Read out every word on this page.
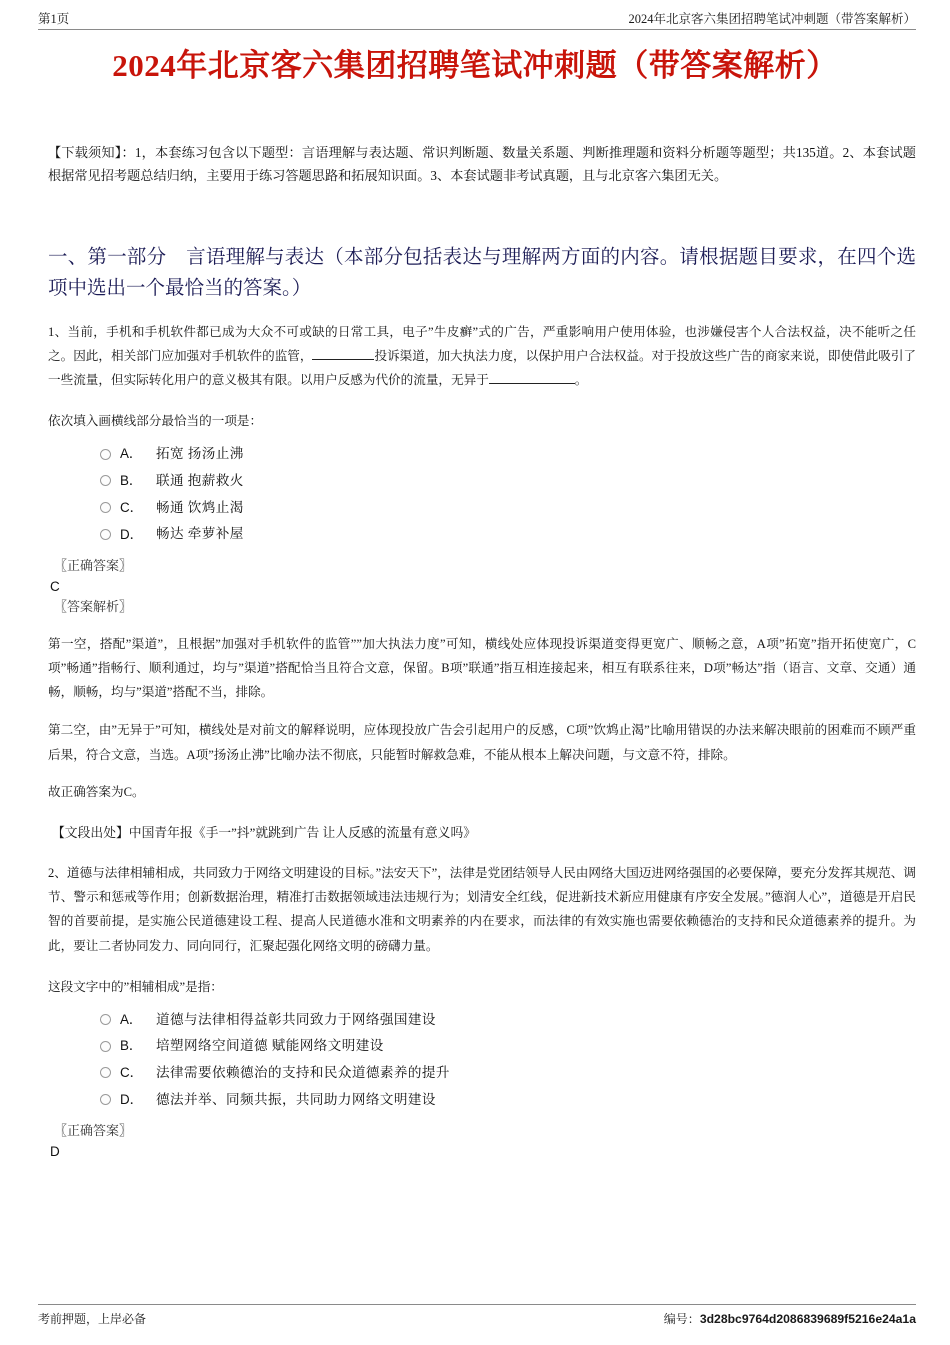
第1页	2024年北京客六集团招聘笔试冲刺题（带答案解析）
2024年北京客六集团招聘笔试冲刺题（带答案解析）

【下载须知】：1，本套练习包含以下题型：言语理解与表达题、常识判断题、数量关系题、判断推理题和资料分析题等题型；共135道。2、本套试题根据常见招考题总结归纳，主要用于练习答题思路和拓展知识面。3、本套试题非考试真题，且与北京客六集团无关。

一、第一部分　言语理解与表达（本部分包括表达与理解两方面的内容。请根据题目要求，在四个选项中选出一个最恰当的答案。）
1、当前，手机和手机软件都已成为大众不可或缺的日常工具，电子”牛皮癣”式的广告，严重影响用户使用体验，也涉嫌侵害个人合法权益，决不能听之任之。因此，相关部门应加强对手机软件的监管，	投诉渠道，加大执法力度，以保护用户合法权益。对于投放这些广告的商家来说，即使借此吸引了一些流量，但实际转化用户的意义极其有限。以用户反感为代价的流量，无异于	。
依次填入画横线部分最恰当的一项是：
A． 拓宽 扬汤止沸
B． 联通 抱薪救火
C． 畅通 饮鸩止渴
D． 畅达 牵萝补屋
〖正确答案〗
C
〖答案解析〗

第一空，搭配”渠道”，且根据”加强对手机软件的监管””加大执法力度”可知，横线处应体现投诉渠道变得更宽广、顺畅之意，A项”拓宽”指开拓使宽广，C项”畅通”指畅行、顺利通过，均与”渠道”搭配恰当且符合文意，保留。B项”联通”指互相连接起来，相互有联系往来，D项”畅达”指（语言、文章、交通）通畅，顺畅，均与”渠道”搭配不当，排除。

第二空，由”无异于”可知，横线处是对前文的解释说明，应体现投放广告会引起用户的反感，C项”饮鸩止渴”比喻用错误的办法来解决眼前的困难而不顾严重后果，符合文意，当选。A项”扬汤止沸”比喻办法不彻底，只能暂时解救急难，不能从根本上解决问题，与文意不符，排除。

故正确答案为C。

【文段出处】中国青年报《手一”抖”就跳到广告 让人反感的流量有意义吗》

2、道德与法律相辅相成，共同致力于网络文明建设的目标。”法安天下”，法律是党团结领导人民由网络大国迈进网络强国的必要保障，要充分发挥其规范、调节、警示和惩戒等作用；创新数据治理，精准打击数据领域违法违规行为；划清安全红线，促进新技术新应用健康有序安全发展。”德润人心”，道德是开启民智的首要前提，是实施公民道德建设工程、提高人民道德水准和文明素养的内在要求，而法律的有效实施也需要依赖德治的支持和民众道德素养的提升。为此，要让二者协同发力、同向同行，汇聚起强化网络文明的磅礴力量。
这段文字中的”相辅相成”是指：
A． 道德与法律相得益彰共同致力于网络强国建设
B． 培塑网络空间道德 赋能网络文明建设
C． 法律需要依赖德治的支持和民众道德素养的提升
D． 德法并举、同频共振，共同助力网络文明建设
〖正确答案〗
D
考前押题，上岸必备	编号：3d28bc9764d2086839689f5216e24a1a
